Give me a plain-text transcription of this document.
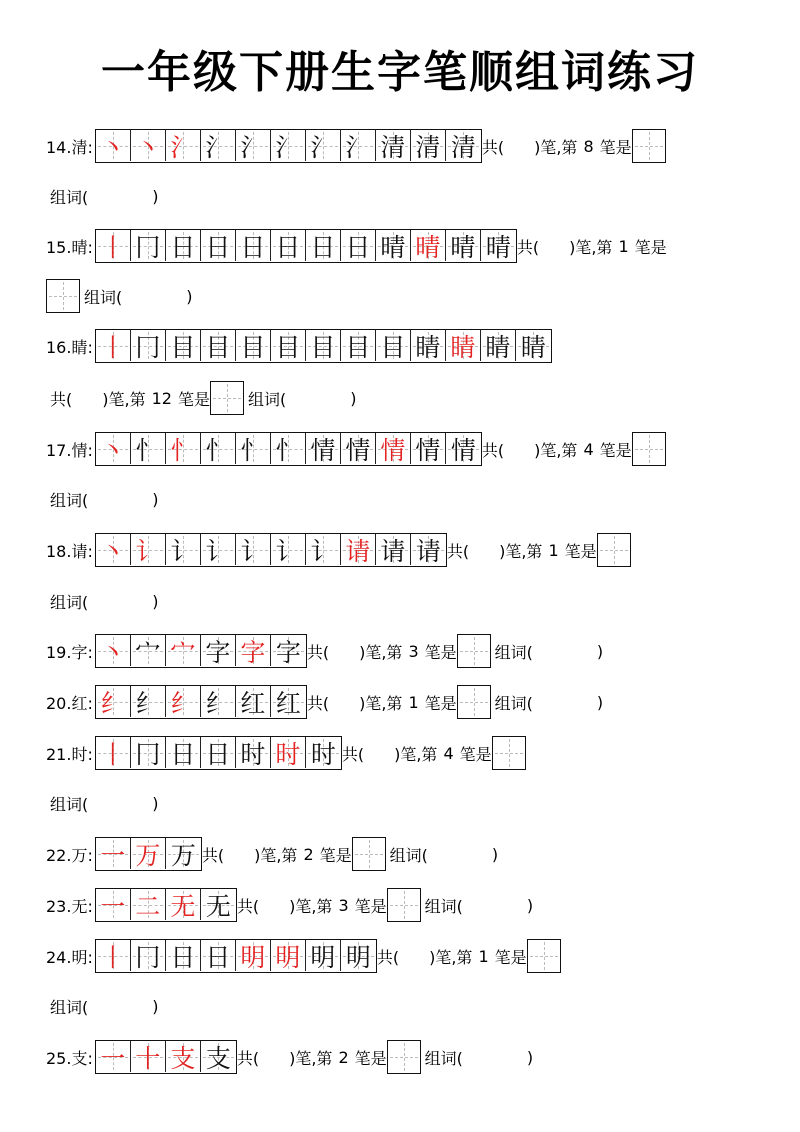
一年级下册生字笔顺组词练习
14.清: 丶 丶 氵 氵 氵 氵 氵 氵 清 清 清 共( )笔,第 8 笔是
组词(	)
15.晴: 丨 冂 日 日 日 日 日 日 晴 晴 晴 晴 共( )笔,第 1 笔是
组词(	)
16.睛: 丨 冂 目 目 目 目 目 目 目 睛 睛 睛 睛
共( )笔,第 12 笔是 组词(	)
17.情: 丶 忄 忄 忄 忄 忄 情 情 情 情 情 共( )笔,第 4 笔是
组词(	)
18.请: 丶 讠 讠 讠 讠 讠 讠 请 请 请 共( )笔,第 1 笔是
组词(	)
19.字: 丶 宀 宀 字 字 字 共( )笔,第 3 笔是 组词(	)
20.红: 纟 纟 纟 纟 红 红 共( )笔,第 1 笔是 组词(	)
21.时: 丨 冂 日 日 时 时 时 共( )笔,第 4 笔是
组词(	)
22.万: 一 万 万 共( )笔,第 2 笔是 组词(	)
23.无: 一 二 无 无 共( )笔,第 3 笔是 组词(	)
24.明: 丨 冂 日 日 明 明 明 明 共( )笔,第 1 笔是
组词(	)
25.支: 一 十 支 支 共( )笔,第 2 笔是 组词(	)
